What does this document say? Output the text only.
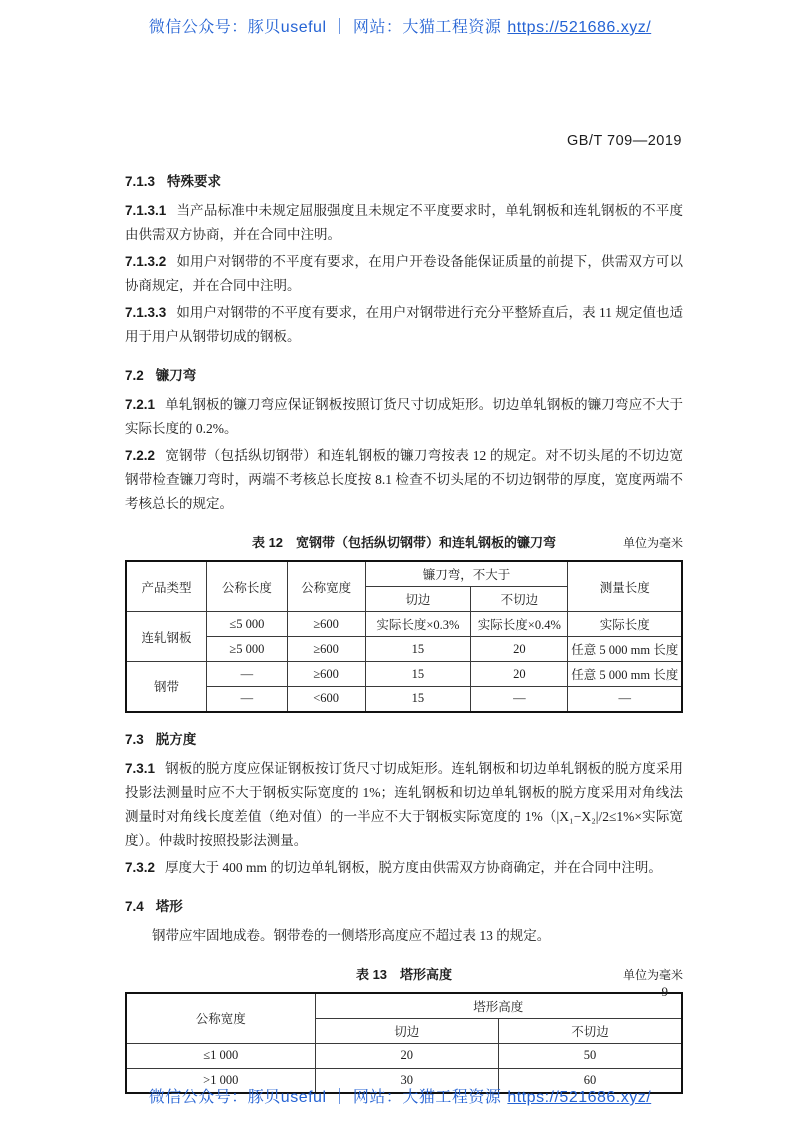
微信公众号：豚贝useful ｜ 网站：大猫工程资源 https://521686.xyz/
GB/T 709—2019
7.1.3 特殊要求

7.1.3.1 当产品标准中未规定屈服强度且未规定不平度要求时，单轧钢板和连轧钢板的不平度由供需双方协商，并在合同中注明。

7.1.3.2 如用户对钢带的不平度有要求，在用户开卷设备能保证质量的前提下，供需双方可以协商规定，并在合同中注明。

7.1.3.3 如用户对钢带的不平度有要求，在用户对钢带进行充分平整矫直后，表 11 规定值也适用于用户从钢带切成的钢板。

7.2 镰刀弯

7.2.1 单轧钢板的镰刀弯应保证钢板按照订货尺寸切成矩形。切边单轧钢板的镰刀弯应不大于实际长度的 0.2%。

7.2.2 宽钢带（包括纵切钢带）和连轧钢板的镰刀弯按表 12 的规定。对不切头尾的不切边宽钢带检查镰刀弯时，两端不考核总长度按 8.1 检查不切头尾的不切边钢带的厚度，宽度两端不考核总长的规定。

表 12　宽钢带（包括纵切钢带）和连轧钢板的镰刀弯	单位为毫米
产品类型	公称长度	公称宽度	镰刀弯，不大于		测量长度
			切边	不切边	
连轧钢板	≤5 000	≥600	实际长度×0.3%	实际长度×0.4%	实际长度
	≥5 000	≥600	15	20	任意 5 000 mm 长度
钢带	—	≥600	15	20	任意 5 000 mm 长度
	—	<600	15	—	—
7.3 脱方度

7.3.1 钢板的脱方度应保证钢板按订货尺寸切成矩形。连轧钢板和切边单轧钢板的脱方度采用投影法测量时应不大于钢板实际宽度的 1%；连轧钢板和切边单轧钢板的脱方度采用对角线法测量时对角线长度差值（绝对值）的一半应不大于钢板实际宽度的 1%（|X₁−X₂|/2≤1%×实际宽度）。仲裁时按照投影法测量。

7.3.2 厚度大于 400 mm 的切边单轧钢板，脱方度由供需双方协商确定，并在合同中注明。

7.4 塔形

钢带应牢固地成卷。钢带卷的一侧塔形高度应不超过表 13 的规定。

表 13　塔形高度	单位为毫米
公称宽度	塔形高度	
	切边	不切边
≤1 000	20	50
>1 000	30	60
9
微信公众号：豚贝useful ｜ 网站：大猫工程资源 https://521686.xyz/
